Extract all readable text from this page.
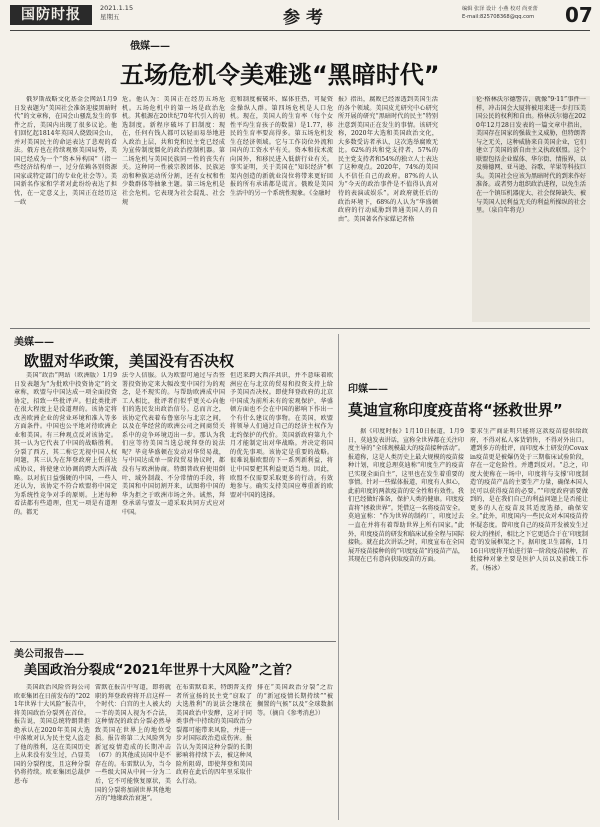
国防时报	2021.1.15
星期五	参考	编辑 张泽 设计 小燕 校对 尚亚蕾
E-mail:825708368@qq.com 07
俄媒——
五场危机令美难逃“黑暗时代”
俄罗斯战略文化基金会网站1月9日发表题为“美国社会准备迎接黑暗时代”的文章称，在国会山骚乱发生的事件之后，美国内出现了很多议论。他们回忆起1814年英国人烧毁国会山，并对美国民主的命运表达了悲观的看法。俄方也在持续观察美国局势，美国已经成为一个“资本异构国”（指一些经济结构单一，过分依赖各别资源国家或特定部门的专业化社会等）。美国新名作家和学者对此纷纷表达了担忧，在一定意义上，美国正在经历这一政
危。他认为：美国正在经历五场危机。五场危机中的第一场是政治危机。其根源在20世纪70年代引入的初选制度。新程序破坏了旧制度：现在，任何有钱人都可以轻而易举地进入政治上层，共和党和民主党已经成为宣传制度僵化的政治控制机器。第二场危机与美国民族同一性的丧失有关。这种同一性被宗教团体、民族运动和种族运动所分割，还有女权和性少数群体等抽象主题。第三场危机是社会危机。它表现为社会混乱、社会规
范和制度被破坏、媒体狂热，可疑资金操纵人群。第四场危机是人口危机。现在，美国人的生育率（每个女性平均生育孩子的数量）是1.77，移民的生育率要高得多。第五场危机发生在经济领域。它与工作岗位外流和国内的工资水平有关。资本和技术流向国外，和移民进入低薪行业有关。事实证明，关于美国在“知识经济”框架内创造的新就业岗位将带来更好回报的所有承诺都是谎言。俄败是美国生活中的另一个系统性现象。《金融时
报》指出，腐败已经渗透到美国生活的各个领域。美国皮尤研究中心研究所开展的研究“黑暗时代的民主”特别注意到美国正在发生的事情。该研究称，2020年大选和美国政治文化，大多数受访者承认，这次选举腐败无比。62%的共和党支持者、57%的民主党支持者和54%的独立人士表达了这种观点。2020年，74%的美国人不信任自己的政府。87%的人认为“今天的政治事件是不值得认真对待的表演或娱乐”。对政府就任后的政治环境下，68%的人认为“华盛顿政府的行动威胁到普通美国人的自由”。美国著名作家媒记者格
伦·格林沃尔德警告，就像“9·11”事件一样，冲击国会大厦将被用来进一步打压美国公民的权利和自由。格林沃尔德在2020年12月28日发表的一篇文章中指出，美国存在国家的强裁主义威胁，但特朗普与之无关，这种威胁来自美国企业，它们建立了美国的新自由主义执政联盟。这个联盟包括企业媒体、华尔街、情报界，以及骑德网、亚马逊、谷歌、苹果等科技巨头。美国社会应该为黑暗时代的到来作好准备。或者努力组织政治进程，以免生活在一个镇压机器庞大、社会保障缺失、被与美国人民利益无关的利益所操纵的社会里。（泉自年将克）
美媒——
欧盟对华政策，美国没有否决权
美国“政治”网站（欧洲版）1月9日发表题为“为批欧中投资协定”的文章称，欧盟与中国达成一项全面投资协定，招致一些批评声。但此类批评在很大程度上是没道理的。该协定将改善欧洲企业的营业环境和准入等多方面条件。中国也公平地对待欧洲企业和美国。有三种观点反对该协定。其一认为它代表了中国的战略胜利。分裂了西方，其二称它无视中国人权问题，其三认为在拜登政府上任前达成协议，将使建立协调的跨大西洋战略。以对抗日益强硬的中国，一些人还认为，该协定不符合欧盟将中国定为系统性竞争对手的原则。上述每种看法都有些道理，但无一项是有道理的。都无
法令人信服。认为欧盟可通过与否签署投资协定来大幅改变中国行为的观念，是不现实的。与帮助欧洲成中国工人相比，批评者们似乎更关心向他们的选民发出政治信号。总而言之，该协定代表着布鲁塞尔与北京之间，以及在华经营的欧洲公司之间商贸关系中的竞争环境迈出一步。那认为我们应等待美国当选总统拜登的说法呢？毕竟华盛顿在发动对华贸易战，与中国达成单一阶段贸易协议时，都没有与欧洲协商。特朗普政府使用倒叶、域外制裁、不分常情的手段，将美国和中国切割开来，试图将中国的华为拒之于欧洲市场之外。诚然，拜登承诺与盟友一道采取共同方式应对中国。
但迟来跨大西洋共识，并不意味着欧洲应在与北京的贸易和投资支持上给予美国否决权。即使拜登政府的北京中国成为前所未有的宏观保护，华盛顿方面也不会在中国的影响下作出一个有什么建议的事物。在美国，欧盟将领导人们通过自己的经济主权作为北约保护的代价。美国新政府第九个月才能制定出对华战略。并决定将国的优先事项。该协定是重要的战略。很难说服欧盟的下一系列新利益，将让中国要把其利益更适当地。因此，欧盟不仅需要采取更多的行动。有效地参与。确实支持美国应尊重新的欧盟对中国的选择。
印媒——
莫迪宣称印度疫苗将“拯救世界”
据《印度时报》1月10日报道，1月9日，莫迪发表讲话，宣称全世界都在关注印度主导的“全球规模最大的疫苗接种活动”。报道称，这是人类历史上最大规模的疫苗接种计划，印度总理莫迪称“印度生产的疫苗已实现全面自主”，这里也在发生着重要的事情。针对一些媒体报道，印度有人担心，此前印度的两款疫苗的安全性和有效性。我们已经做好准备，保护人类的健康。印度疫苗将“拯救世界”。凭借这一名将疫苗安全。莫迪宣称：“作为世界的制药厂，印度过去一直在并将有着帮助世界上所有国家。”此外，印度疫苗的研发和临床试验全程与国际接轨。就在此次讲话之时，印度宣布在全国展开疫苗接种的的“印度疫苗”的疫苗产品，其现在已有意向获取疫苗的方面。
要求生产商证明只能将这款疫苗提供给政府，不得对私人客货销售，不得对外出口。遭到多方的批评，而印度本土研发的Covaxin疫苗更是被爆仍处于三期临床试验阶段，存在一定危险性。并遭到反对。“总之，印度大使称在一场中，印度将与支撑‘印度制造’的疫苗产品的主要生产力量，确保本国人民可以获得疫苗的必要。”“印度政府需要做到的，是在我们自己的利益问题上是否能让更多的人在疫苗及其适度选择，确保安全。”此外，印度国内一些民众对本国疫苗持怀疑态度。曾印度自己的疫苗开发被发生过较大的挫折，相比之下它更适合于在‘印度制造’的发展框架之下。据印度卫生部称，1月16日印度将开始进行第一阶段疫苗接种，首批接种对象主要是医护人员以及前线工作者。（杨冰）
美公司报告——
美国政治分裂成“2021年世界十大风险”之首？
美国政治风险咨询公司欧亚集团在日前发布的“2021年世界十大风险”报告中，将美国政治分裂列在首位。报告说，美国总统特朗普拒绝承认在2020年美国大选中落败对认为民主党人盗走了他的胜利，这在美国历史上从来没有发生过，凸显美国的分裂程度，且这种分裂仍将持续。欧亚集团总裁伊恩·布
雷默在报告中写道，即将就职的拜登政府将开启这样一个时代：白宫的主人被大约一半的美国人视为不合法，这种情况的政治分裂必然导致美国在世界上的地位受损。报告将第二大风险列为新冠疫情造成的长期冲击（67）的其他成员国中是不存在的。布雷默认为，当今一些级大国从中间一分为二后，它不可能恢复原状，美国的分裂将加剧世界其他地方的“地缘政治衰退”。
在布雷默看来，特朗普支持者所宣扬的民主党“窃取了大选胜利”的说法会继续在美国政治中发酵，这对于同类事件中持续的美国政治分裂都可能带来风险，并进一步对国际政治造成伤害。报告认为美国这种分裂的长期影响将持续下去，被这种风险所阻碍，即使拜登和美国政府在此后的四年里采取什么行动。
排在“美国政治分裂”之后的“新冠疫情长期持续”“被搁置的气候”以及“全球数据等。（摘自《参考消息》）
